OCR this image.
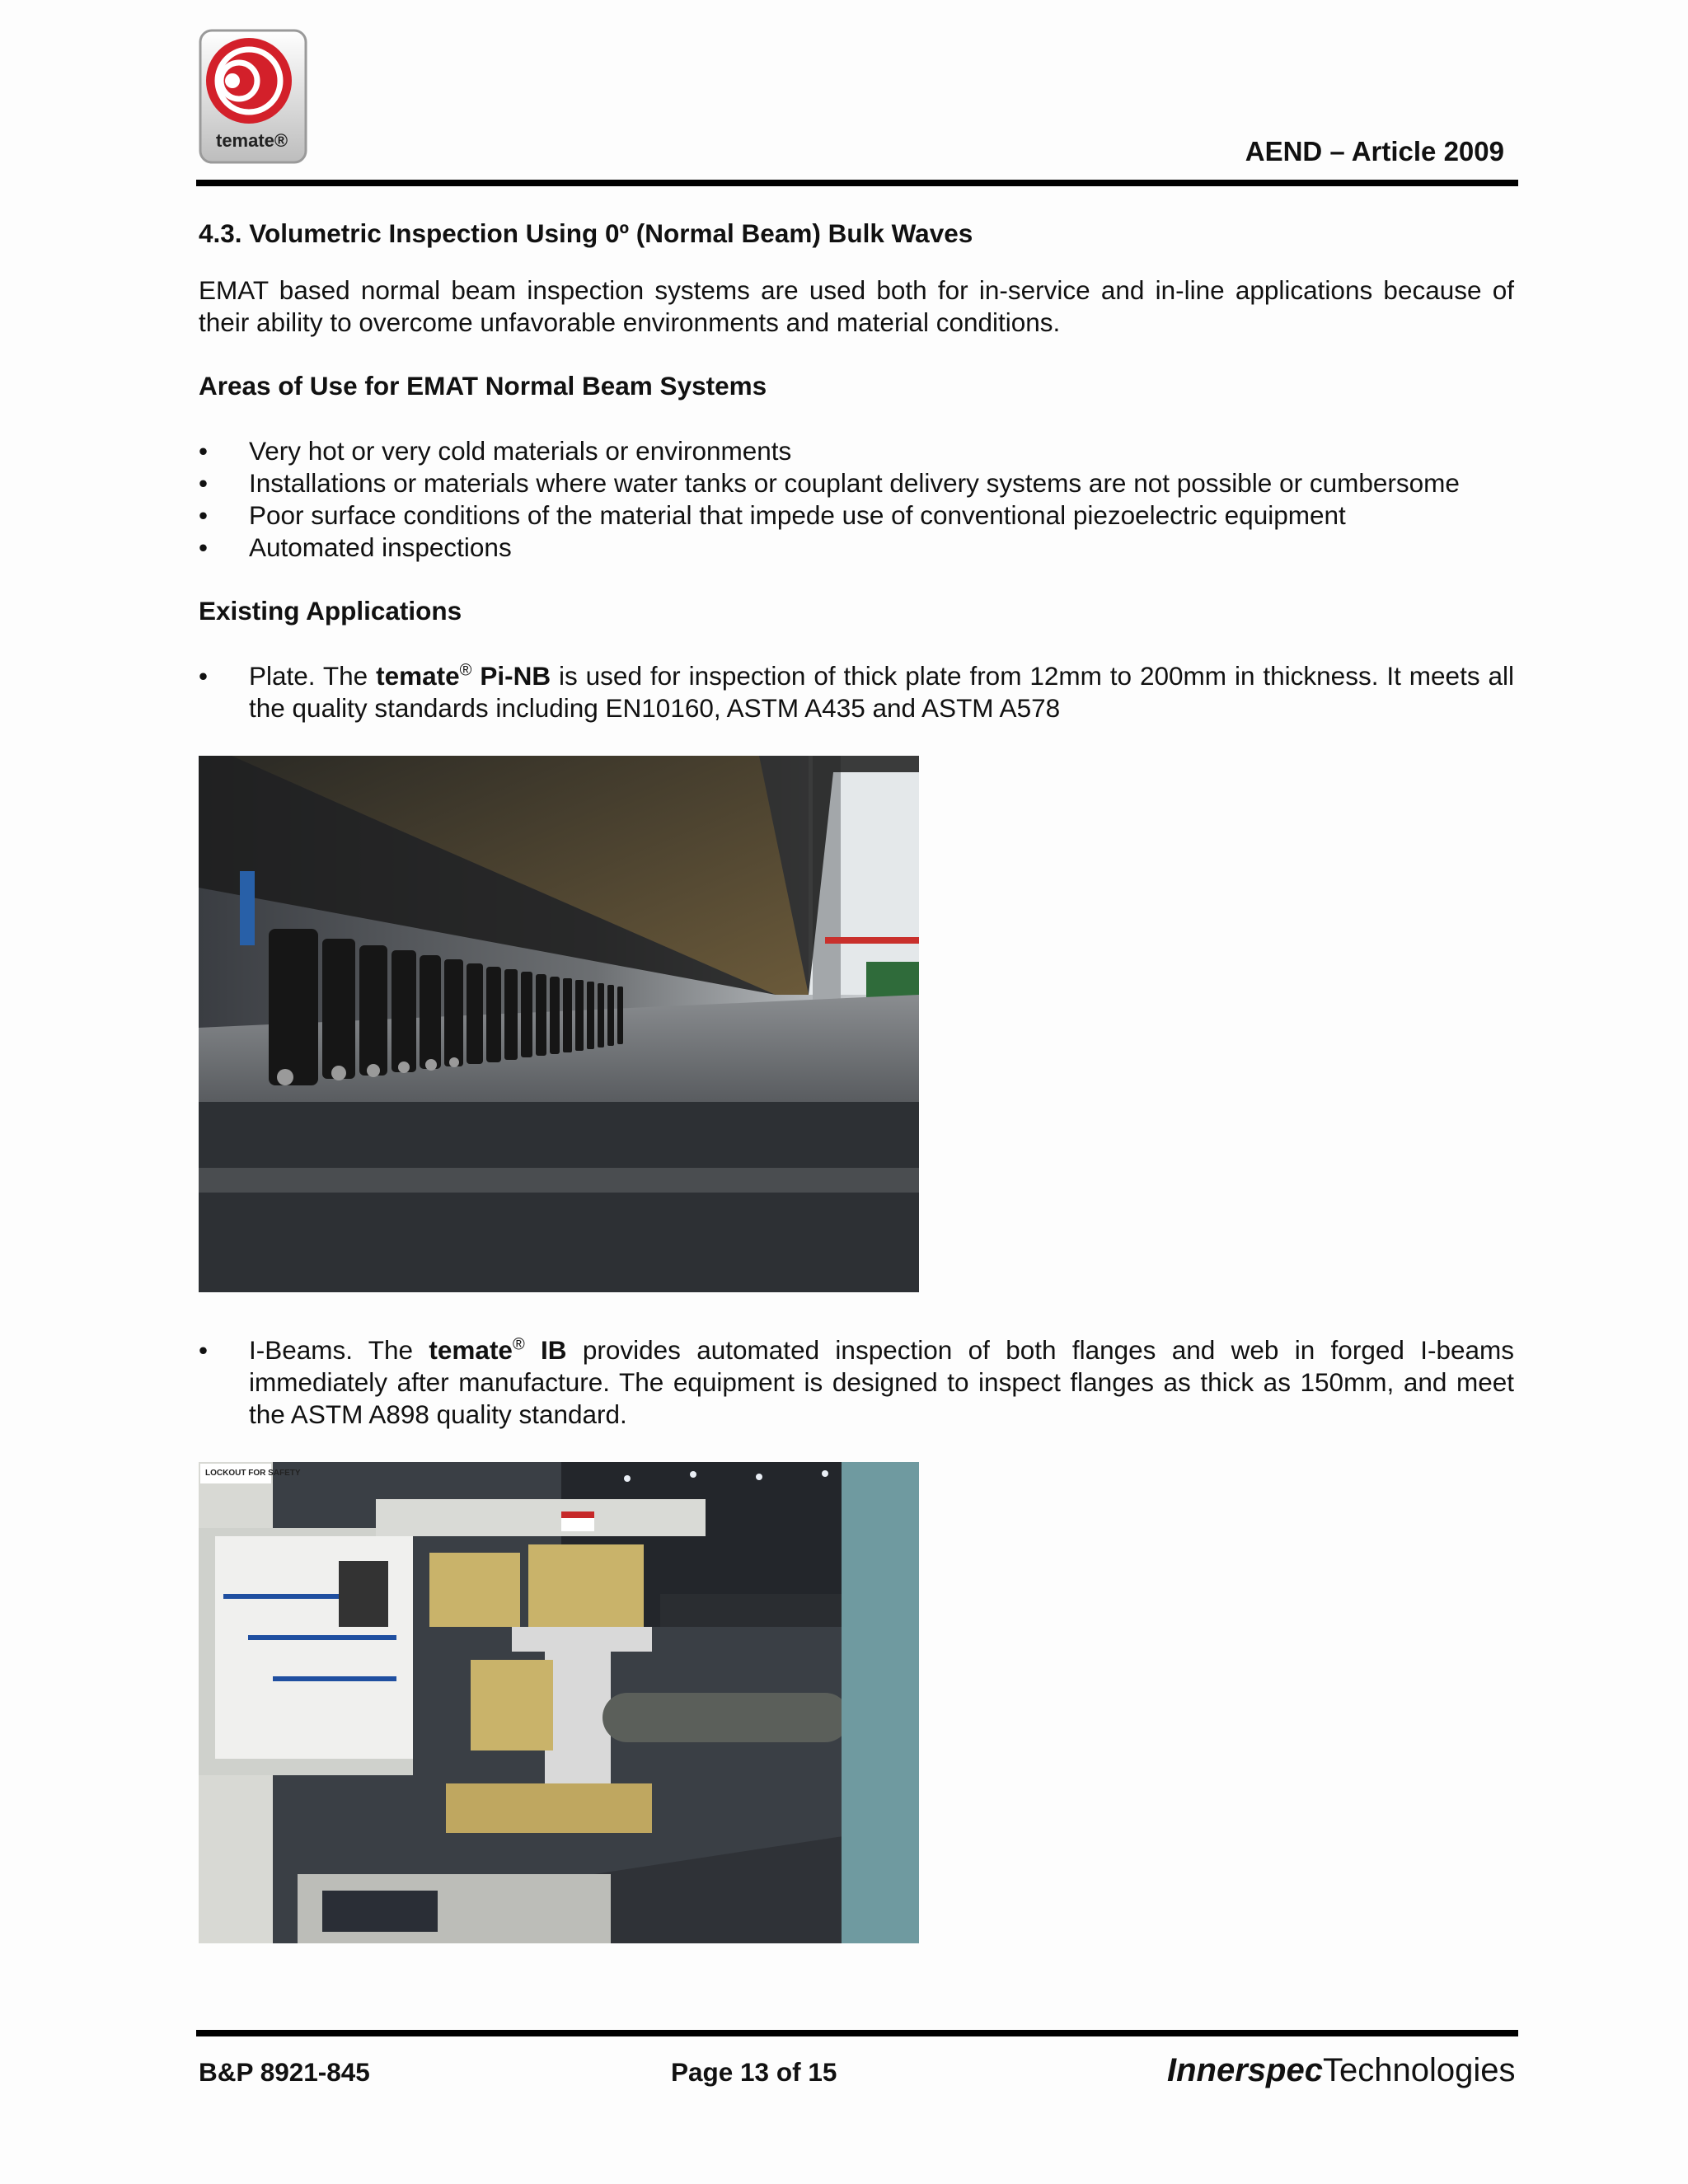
temate®	AEND – Article 2009
4.3. Volumetric Inspection Using 0º (Normal Beam) Bulk Waves

EMAT based normal beam inspection systems are used both for in-service and in-line applications because of their ability to overcome unfavorable environments and material conditions.

Areas of Use for EMAT Normal Beam Systems
• Very hot or very cold materials or environments
• Installations or materials where water tanks or couplant delivery systems are not possible or cumbersome
• Poor surface conditions of the material that impede use of conventional piezoelectric equipment
• Automated inspections
Existing Applications
• Plate. The temate® Pi-NB is used for inspection of thick plate from 12mm to 200mm in thickness. It meets all the quality standards including EN10160, ASTM A435 and ASTM A578
• I-Beams. The temate® IB provides automated inspection of both flanges and web in forged I-beams immediately after manufacture. The equipment is designed to inspect flanges as thick as 150mm, and meet the ASTM A898 quality standard.
LOCKOUT FOR SAFETY
B&P 8921-845	Page 13 of 15	InnerspecTechnologies
